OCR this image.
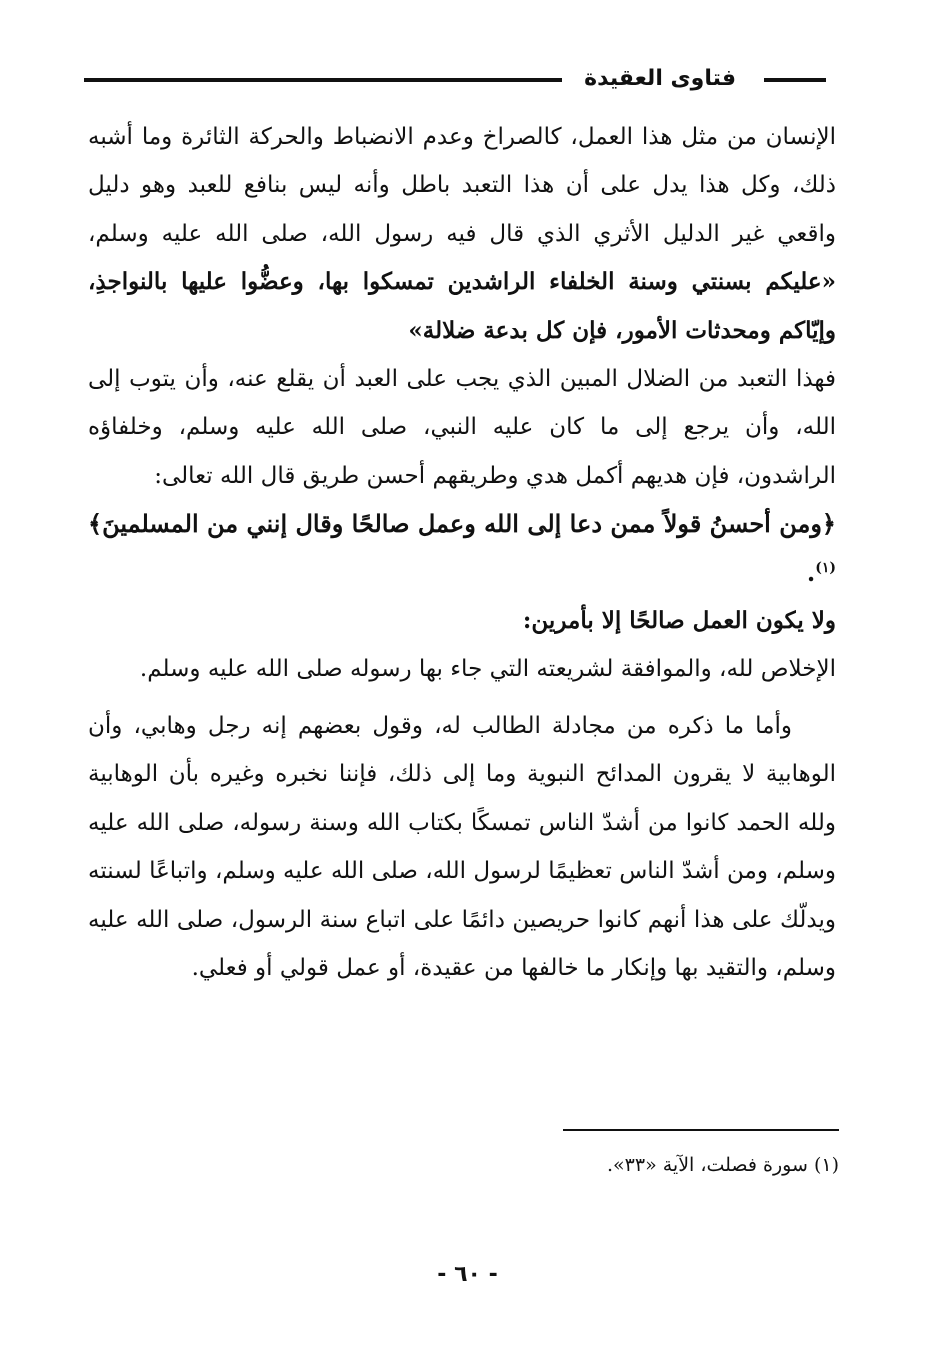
فتاوى العقيدة

الإنسان من مثل هذا العمل، كالصراخ وعدم الانضباط والحركة الثائرة وما أشبه ذلك، وكل هذا يدل على أن هذا التعبد باطل وأنه ليس بنافع للعبد وهو دليل واقعي غير الدليل الأثري الذي قال فيه رسول الله، صلى الله عليه وسلم، «عليكم بسنتي وسنة الخلفاء الراشدين تمسكوا بها، وعضُّوا عليها بالنواجذِ، وإيّاكم ومحدثات الأمور، فإن كل بدعة ضلالة»

فهذا التعبد من الضلال المبين الذي يجب على العبد أن يقلع عنه، وأن يتوب إلى الله، وأن يرجع إلى ما كان عليه النبي، صلى الله عليه وسلم، وخلفاؤه الراشدون، فإن هديهم أكمل هدي وطريقهم أحسن طريق قال الله تعالى:

﴿ومن أحسنُ قولاً ممن دعا إلى الله وعمل صالحًا وقال إنني من المسلمينَ﴾$^{(١)}$.

ولا يكون العمل صالحًا إلا بأمرين:

الإخلاص لله، والموافقة لشريعته التي جاء بها رسوله صلى الله عليه وسلم.

وأما ما ذكره من مجادلة الطالب له، وقول بعضهم إنه رجل وهابي، وأن الوهابية لا يقرون المدائح النبوية وما إلى ذلك، فإننا نخبره وغيره بأن الوهابية ولله الحمد كانوا من أشدّ الناس تمسكًا بكتاب الله وسنة رسوله، صلى الله عليه وسلم، ومن أشدّ الناس تعظيمًا لرسول الله، صلى الله عليه وسلم، واتباعًا لسنته ويدلّك على هذا أنهم كانوا حريصين دائمًا على اتباع سنة الرسول، صلى الله عليه وسلم، والتقيد بها وإنكار ما خالفها من عقيدة، أو عمل قولي أو فعلي.

(١) سورة فصلت، الآية «٣٣».
- ٦٠ -
